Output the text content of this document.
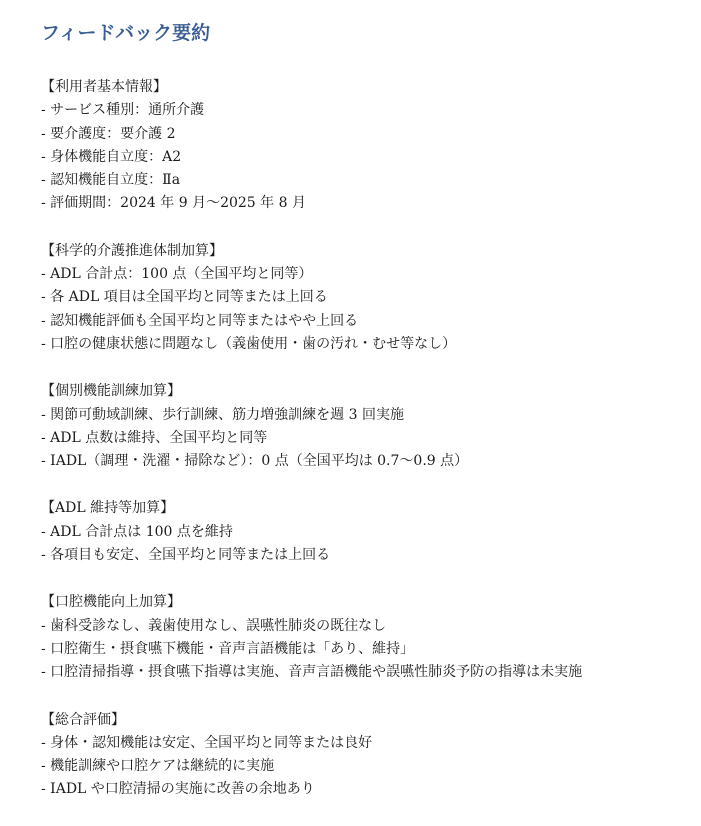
フィードバック要約
【利用者基本情報】
- サービス種別：通所介護
- 要介護度：要介護 2
- 身体機能自立度：A2
- 認知機能自立度：Ⅱa
- 評価期間：2024 年 9 月～2025 年 8 月
【科学的介護推進体制加算】
- ADL 合計点：100 点（全国平均と同等）
- 各 ADL 項目は全国平均と同等または上回る
- 認知機能評価も全国平均と同等またはやや上回る
- 口腔の健康状態に問題なし（義歯使用・歯の汚れ・むせ等なし）
【個別機能訓練加算】
- 関節可動域訓練、歩行訓練、筋力増強訓練を週 3 回実施
- ADL 点数は維持、全国平均と同等
- IADL（調理・洗濯・掃除など）：0 点（全国平均は 0.7～0.9 点）
【ADL 維持等加算】
- ADL 合計点は 100 点を維持
- 各項目も安定、全国平均と同等または上回る
【口腔機能向上加算】
- 歯科受診なし、義歯使用なし、誤嚥性肺炎の既往なし
- 口腔衛生・摂食嚥下機能・音声言語機能は「あり、維持」
- 口腔清掃指導・摂食嚥下指導は実施、音声言語機能や誤嚥性肺炎予防の指導は未実施
【総合評価】
- 身体・認知機能は安定、全国平均と同等または良好
- 機能訓練や口腔ケアは継続的に実施
- IADL や口腔清掃の実施に改善の余地あり
